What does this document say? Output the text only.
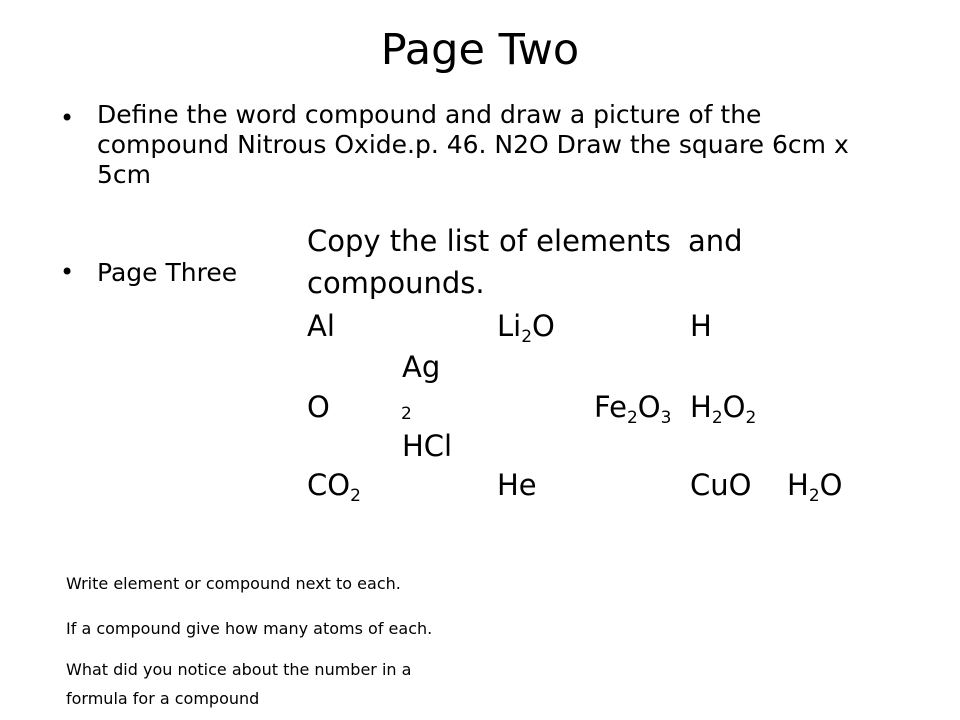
Page Two
• Define the word compound and draw a picture of the compound Nitrous Oxide.p. 46. N2O Draw the square 6cm x 5cm
• Page Three
Copy the list of elements and
compounds.
Al	$Li_2O$	H
Ag
O	2	$Fe_2O_3$ $H_2O_2$
HCl
$CO_2$	He	CuO $H_2O$
Write element or compound next to each.
If a compound give how many atoms of each.
What did you notice about the number in a
formula for a compound
